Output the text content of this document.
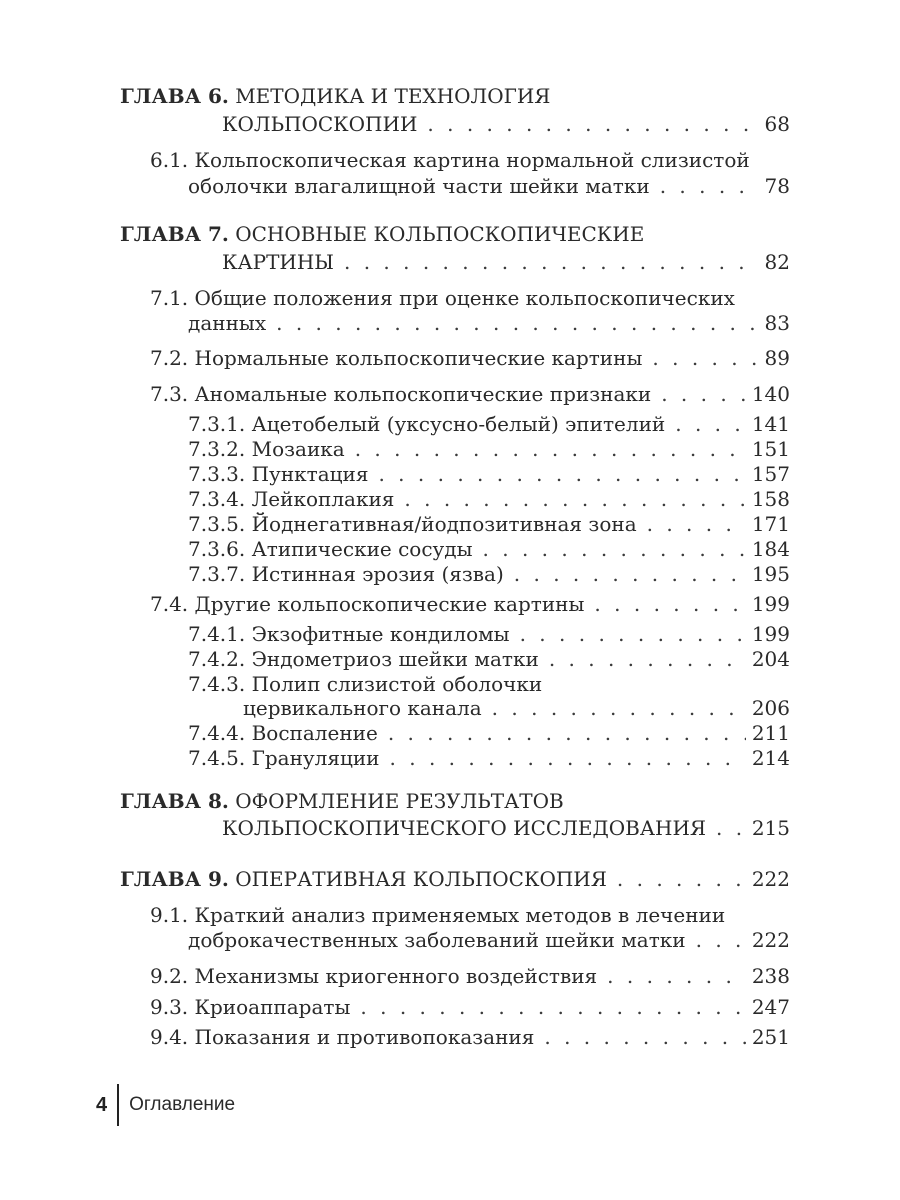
ГЛАВА 6.
МЕТОДИКА И ТЕХНОЛОГИЯ
КОЛЬПОСКОПИИ . . .	68
6.1. Кольпоскопическая картина нормальной слизистой
оболочки влагалищной части шейки матки . . .	78
ГЛАВА 7.
ОСНОВНЫЕ КОЛЬПОСКОПИЧЕСКИЕ
КАРТИНЫ . . .	82
7.1. Общие положения при оценке кольпоскопических
данных . . .	83
7.2. Нормальные кольпоскопические картины . . .	89
7.3. Аномальные кольпоскопические признаки . . .	140
7.3.1. Ацетобелый (уксусно-белый) эпителий . . .	141
7.3.2. Мозаика . . .	151
7.3.3. Пунктация . . .	157
7.3.4. Лейкоплакия . . .	158
7.3.5. Йоднегативная/йодпозитивная зона . . .	171
7.3.6. Атипические сосуды . . .	184
7.3.7. Истинная эрозия (язва) . . .	195
7.4. Другие кольпоскопические картины . . .	199
7.4.1. Экзофитные кондиломы . . .	199
7.4.2. Эндометриоз шейки матки . . .	204
7.4.3. Полип слизистой оболочки
цервикального канала . . .	206
7.4.4. Воспаление . . .	211
7.4.5. Грануляции . . .	214
ГЛАВА 8.
ОФОРМЛЕНИЕ РЕЗУЛЬТАТОВ
КОЛЬПОСКОПИЧЕСКОГО ИССЛЕДОВАНИЯ . . . 215
ГЛАВА 9.
ОПЕРАТИВНАЯ КОЛЬПОСКОПИЯ . . .	222
9.1. Краткий анализ применяемых методов в лечении
доброкачественных заболеваний шейки матки . . .	222
9.2. Механизмы криогенного воздействия . . .	238
9.3. Криоаппараты . . .	247
9.4. Показания и противопоказания . . .	251
4 Оглавление
